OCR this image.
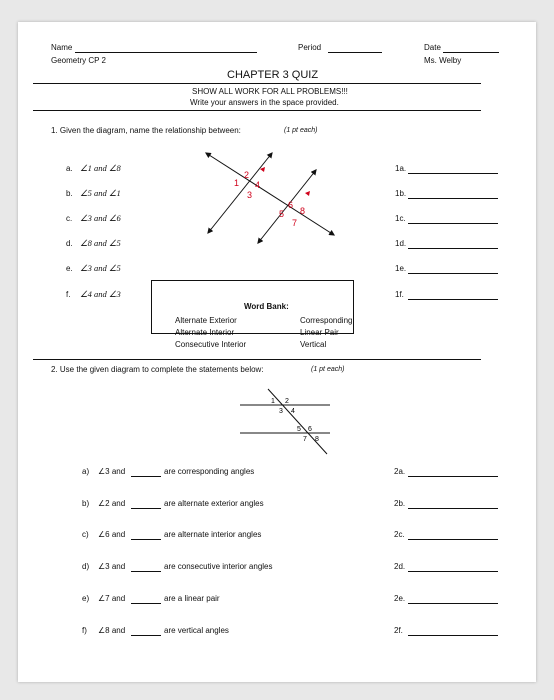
Name	Period	Date
Geometry CP 2	Ms. Welby
CHAPTER 3 QUIZ
SHOW ALL WORK FOR ALL PROBLEMS!!!
Write your answers in the space provided.
1. Given the diagram, name the relationship between:	(1 pt each)
a. ∠1 and ∠8	1a.
b. ∠5 and ∠1	1b.
c. ∠3 and ∠6	1c.
d. ∠8 and ∠5	1d.
e. ∠3 and ∠5	1e.
f. ∠4 and ∠3	1f.
1
2
3
4
5
6
7
8
Word Bank:
Alternate Exterior
Alternate Interior
Consecutive Interior
Corresponding
Linear Pair
Vertical
2. Use the given diagram to complete the statements below:	(1 pt each)
1 2
3 4
5 6
7 8
a) ∠3 and	are corresponding angles	2a.
b) ∠2 and	are alternate exterior angles	2b.
c) ∠6 and	are alternate interior angles	2c.
d) ∠3 and	are consecutive interior angles	2d.
e) ∠7 and	are a linear pair	2e.
f) ∠8 and	are vertical angles	2f.
